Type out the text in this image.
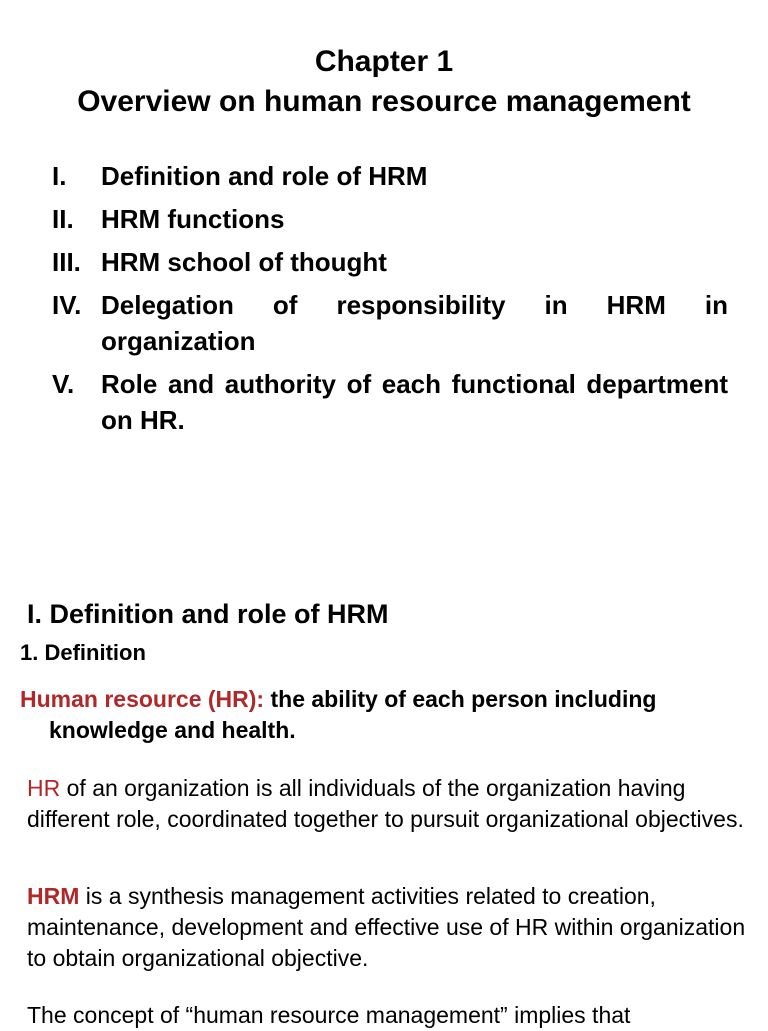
Chapter 1
Overview on human resource management
I.	Definition and role of HRM
II.	HRM functions
III. HRM school of thought
IV. Delegation of responsibility in HRM in organization
V.	Role and authority of each functional department on HR.
I. Definition and role of HRM
1. Definition

Human resource (HR): the ability of each person including knowledge and health.

HR of an organization is all individuals of the organization having different role, coordinated together to pursuit organizational objectives.

HRM is a synthesis management activities related to creation, maintenance, development and effective use of HR within organization to obtain organizational objective.

The concept of “human resource management” implies that
